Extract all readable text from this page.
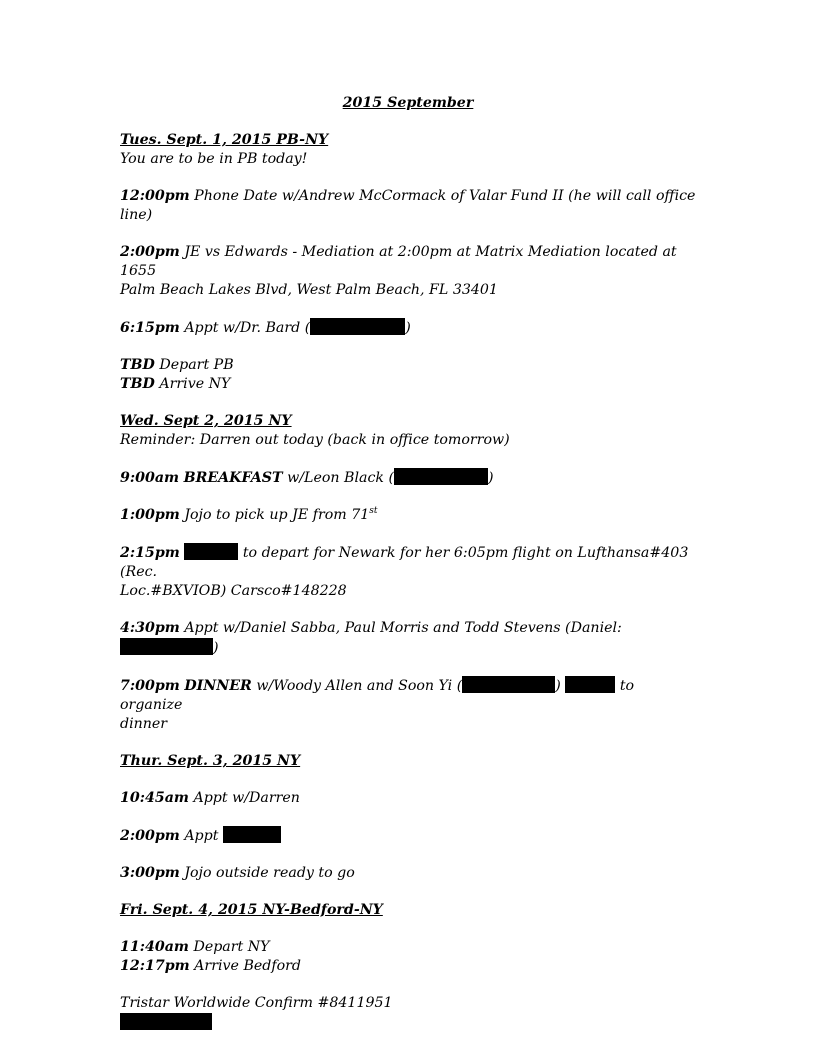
2015 September
Tues. Sept. 1, 2015 PB-NY
You are to be in PB today!
12:00pm Phone Date w/Andrew McCormack of Valar Fund II (he will call office line)
2:00pm JE vs Edwards - Mediation at 2:00pm at Matrix Mediation located at 1655
Palm Beach Lakes Blvd, West Palm Beach, FL 33401
6:15pm Appt w/Dr. Bard (	)
TBD Depart PB
TBD Arrive NY
Wed. Sept 2, 2015 NY
Reminder: Darren out today (back in office tomorrow)
9:00am BREAKFAST w/Leon Black (	)
1:00pm Jojo to pick up JE from 71st
2:15pm	to depart for Newark for her 6:05pm flight on Lufthansa#403 (Rec.
Loc.#BXVIOB) Carsco#148228
4:30pm Appt w/Daniel Sabba, Paul Morris and Todd Stevens (Daniel: )
7:00pm DINNER w/Woody Allen and Soon Yi (	)	to organize
dinner
Thur. Sept. 3, 2015 NY
10:45am Appt w/Darren
2:00pm Appt
3:00pm Jojo outside ready to go
Fri. Sept. 4, 2015 NY-Bedford-NY
11:40am Depart NY
12:17pm Arrive Bedford
Tristar Worldwide Confirm #8411951
